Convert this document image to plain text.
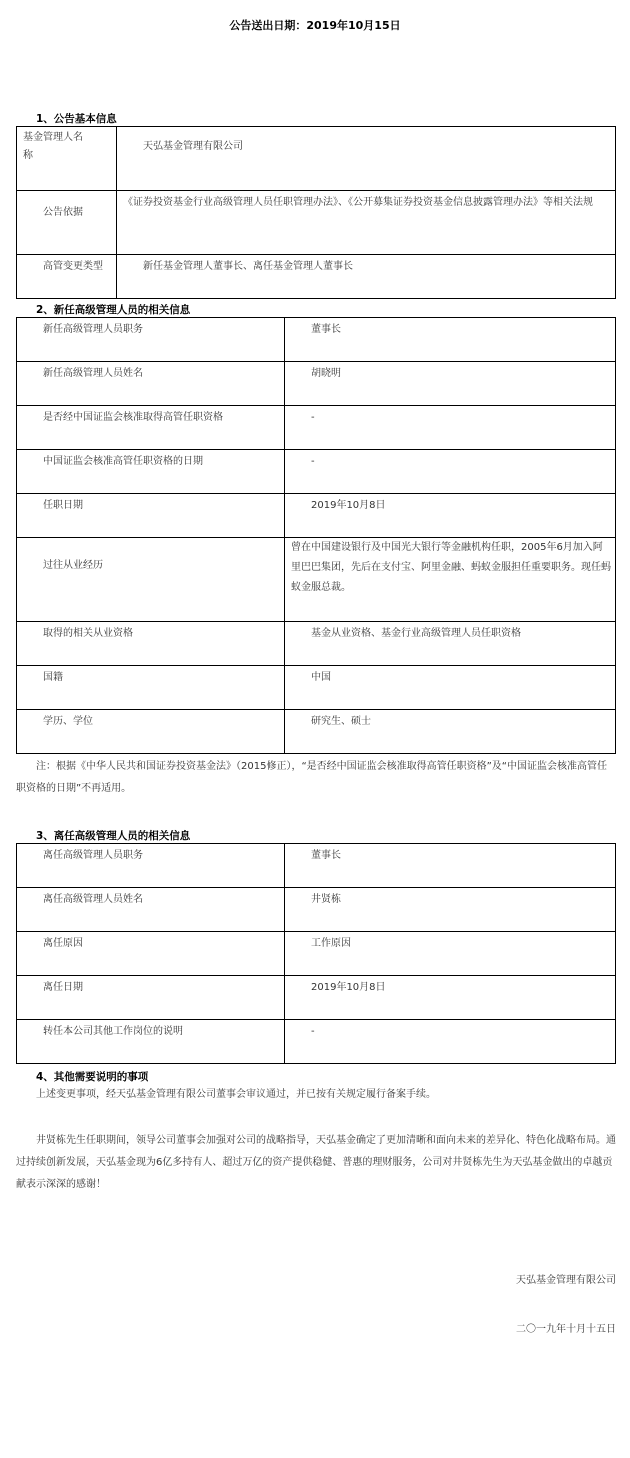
公告送出日期：2019年10月15日
1、公告基本信息
基金管理人名称	天弘基金管理有限公司

公告依据	《证券投资基金行业高级管理人员任职管理办法》、《公开募集证券投资基金信息披露管理办法》等相关法规

高管变更类型	新任基金管理人董事长、离任基金管理人董事长
2、新任高级管理人员的相关信息
新任高级管理人员职务	董事长

新任高级管理人员姓名	胡晓明

是否经中国证监会核准取得高管任职资格	-

中国证监会核准高管任职资格的日期	-

任职日期	2019年10月8日

过往从业经历	曾在中国建设银行及中国光大银行等金融机构任职，2005年6月加入阿里巴巴集团，先后在支付宝、阿里金融、蚂蚁金服担任重要职务。现任蚂蚁金服总裁。

取得的相关从业资格	基金从业资格、基金行业高级管理人员任职资格

国籍	中国

学历、学位	研究生、硕士
注：根据《中华人民共和国证券投资基金法》（2015修正），“是否经中国证监会核准取得高管任职资格”及“中国证监会核准高管任职资格的日期”不再适用。
3、离任高级管理人员的相关信息
离任高级管理人员职务	董事长

离任高级管理人员姓名	井贤栋

离任原因	工作原因

离任日期	2019年10月8日

转任本公司其他工作岗位的说明	-
4、其他需要说明的事项
上述变更事项，经天弘基金管理有限公司董事会审议通过，并已按有关规定履行备案手续。
井贤栋先生任职期间，领导公司董事会加强对公司的战略指导，天弘基金确定了更加清晰和面向未来的差异化、特色化战略布局。通过持续创新发展，天弘基金现为6亿多持有人、超过万亿的资产提供稳健、普惠的理财服务，公司对井贤栋先生为天弘基金做出的卓越贡献表示深深的感谢！
天弘基金管理有限公司
二〇一九年十月十五日
